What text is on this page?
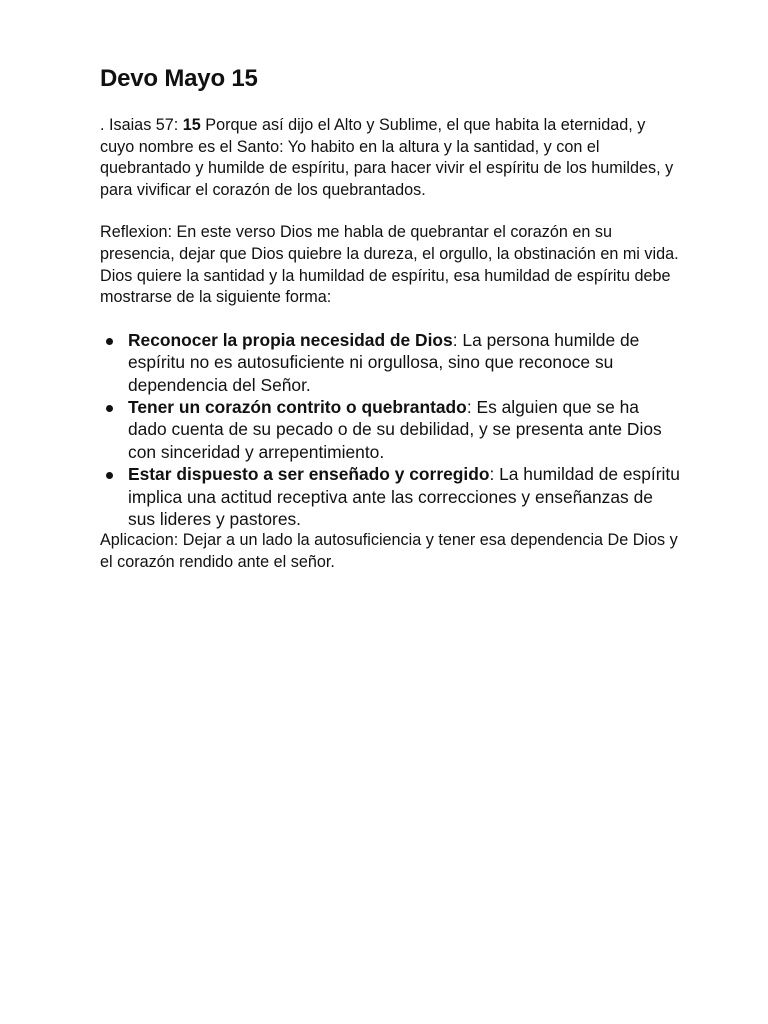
Devo Mayo 15

. Isaias 57: 15 Porque así dijo el Alto y Sublime, el que habita la eternidad, y cuyo nombre es el Santo: Yo habito en la altura y la santidad, y con el quebrantado y humilde de espíritu, para hacer vivir el espíritu de los humildes, y para vivificar el corazón de los quebrantados.

Reflexion: En este verso Dios me habla de quebrantar el corazón en su presencia, dejar que Dios quiebre la dureza, el orgullo, la obstinación en mi vida. Dios quiere la santidad y la humildad de espíritu, esa humildad de espíritu debe mostrarse de la siguiente forma:

Reconocer la propia necesidad de Dios: La persona humilde de espíritu no es autosuficiente ni orgullosa, sino que reconoce su dependencia del Señor.
Tener un corazón contrito o quebrantado: Es alguien que se ha dado cuenta de su pecado o de su debilidad, y se presenta ante Dios con sinceridad y arrepentimiento.
Estar dispuesto a ser enseñado y corregido: La humildad de espíritu implica una actitud receptiva ante las correcciones y enseñanzas de sus lideres y pastores.

Aplicacion: Dejar a un lado la autosuficiencia y tener esa dependencia De Dios y el corazón rendido ante el señor.
